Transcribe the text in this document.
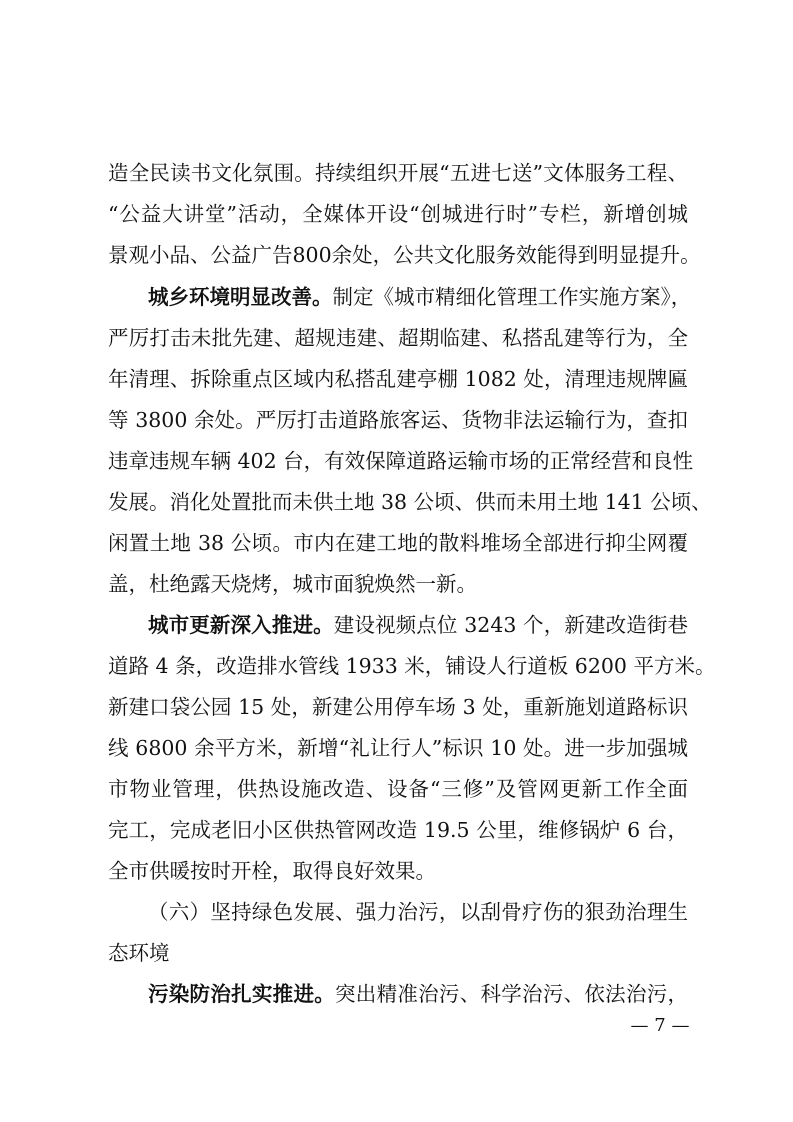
造全民读书文化氛围。持续组织开展“五进七送”文体服务工程、
“公益大讲堂”活动，全媒体开设“创城进行时”专栏，新增创城
景观小品、公益广告800余处，公共文化服务效能得到明显提升。
城乡环境明显改善。制定《城市精细化管理工作实施方案》，
严厉打击未批先建、超规违建、超期临建、私搭乱建等行为，全
年清理、拆除重点区域内私搭乱建亭棚 1082 处，清理违规牌匾
等 3800 余处。严厉打击道路旅客运、货物非法运输行为，查扣
违章违规车辆 402 台，有效保障道路运输市场的正常经营和良性
发展。消化处置批而未供土地 38 公顷、供而未用土地 141 公顷、
闲置土地 38 公顷。市内在建工地的散料堆场全部进行抑尘网覆
盖，杜绝露天烧烤，城市面貌焕然一新。
城市更新深入推进。建设视频点位 3243 个，新建改造街巷
道路 4 条，改造排水管线 1933 米，铺设人行道板 6200 平方米。
新建口袋公园 15 处，新建公用停车场 3 处，重新施划道路标识
线 6800 余平方米，新增“礼让行人”标识 10 处。进一步加强城
市物业管理，供热设施改造、设备“三修”及管网更新工作全面
完工，完成老旧小区供热管网改造 19.5 公里，维修锅炉 6 台，
全市供暖按时开栓，取得良好效果。
（六）坚持绿色发展、强力治污，以刮骨疗伤的狠劲治理生
态环境
污染防治扎实推进。突出精准治污、科学治污、依法治污，
— 7 —
